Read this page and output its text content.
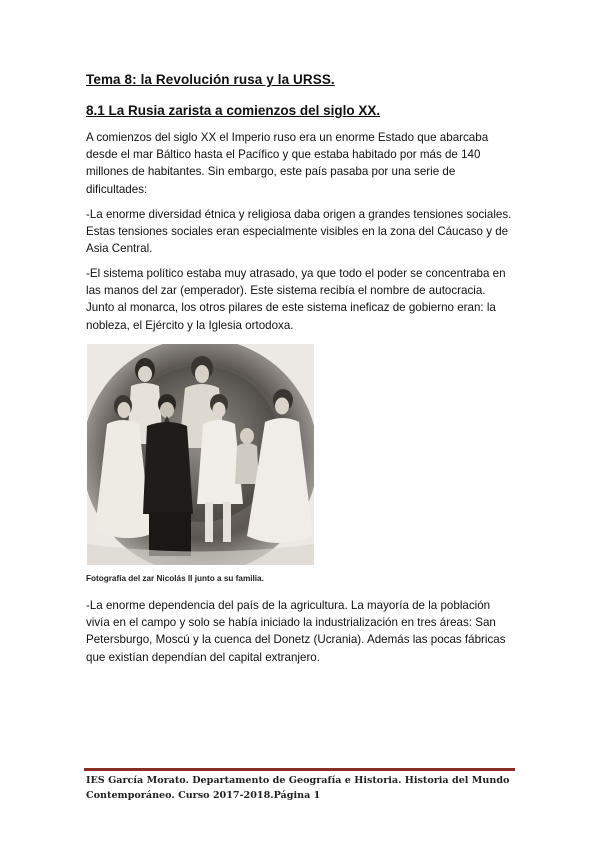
Tema 8: la Revolución rusa y la URSS.
8.1 La Rusia zarista a comienzos del siglo XX.

A comienzos del siglo XX el Imperio ruso era un enorme Estado que abarcaba desde el mar Báltico hasta el Pacífico y que estaba habitado por más de 140 millones de habitantes. Sin embargo, este país pasaba por una serie de dificultades:

-La enorme diversidad étnica y religiosa daba origen a grandes tensiones sociales. Estas tensiones sociales eran especialmente visibles en la zona del Cáucaso y de Asia Central.

-El sistema político estaba muy atrasado, ya que todo el poder se concentraba en las manos del zar (emperador). Este sistema recibía el nombre de autocracia. Junto al monarca, los otros pilares de este sistema ineficaz de gobierno eran: la nobleza, el Ejército y la Iglesia ortodoxa.

Fotografía del zar Nicolás II junto a su familia.

-La enorme dependencia del país de la agricultura. La mayoría de la población vivía en el campo y solo se había iniciado la industrialización en tres áreas: San Petersburgo, Moscú y la cuenca del Donetz (Ucrania). Además las pocas fábricas que existían dependían del capital extranjero.

IES García Morato. Departamento de Geografía e Historia. Historia del Mundo Contemporáneo. Curso 2017-2018.Página 1
